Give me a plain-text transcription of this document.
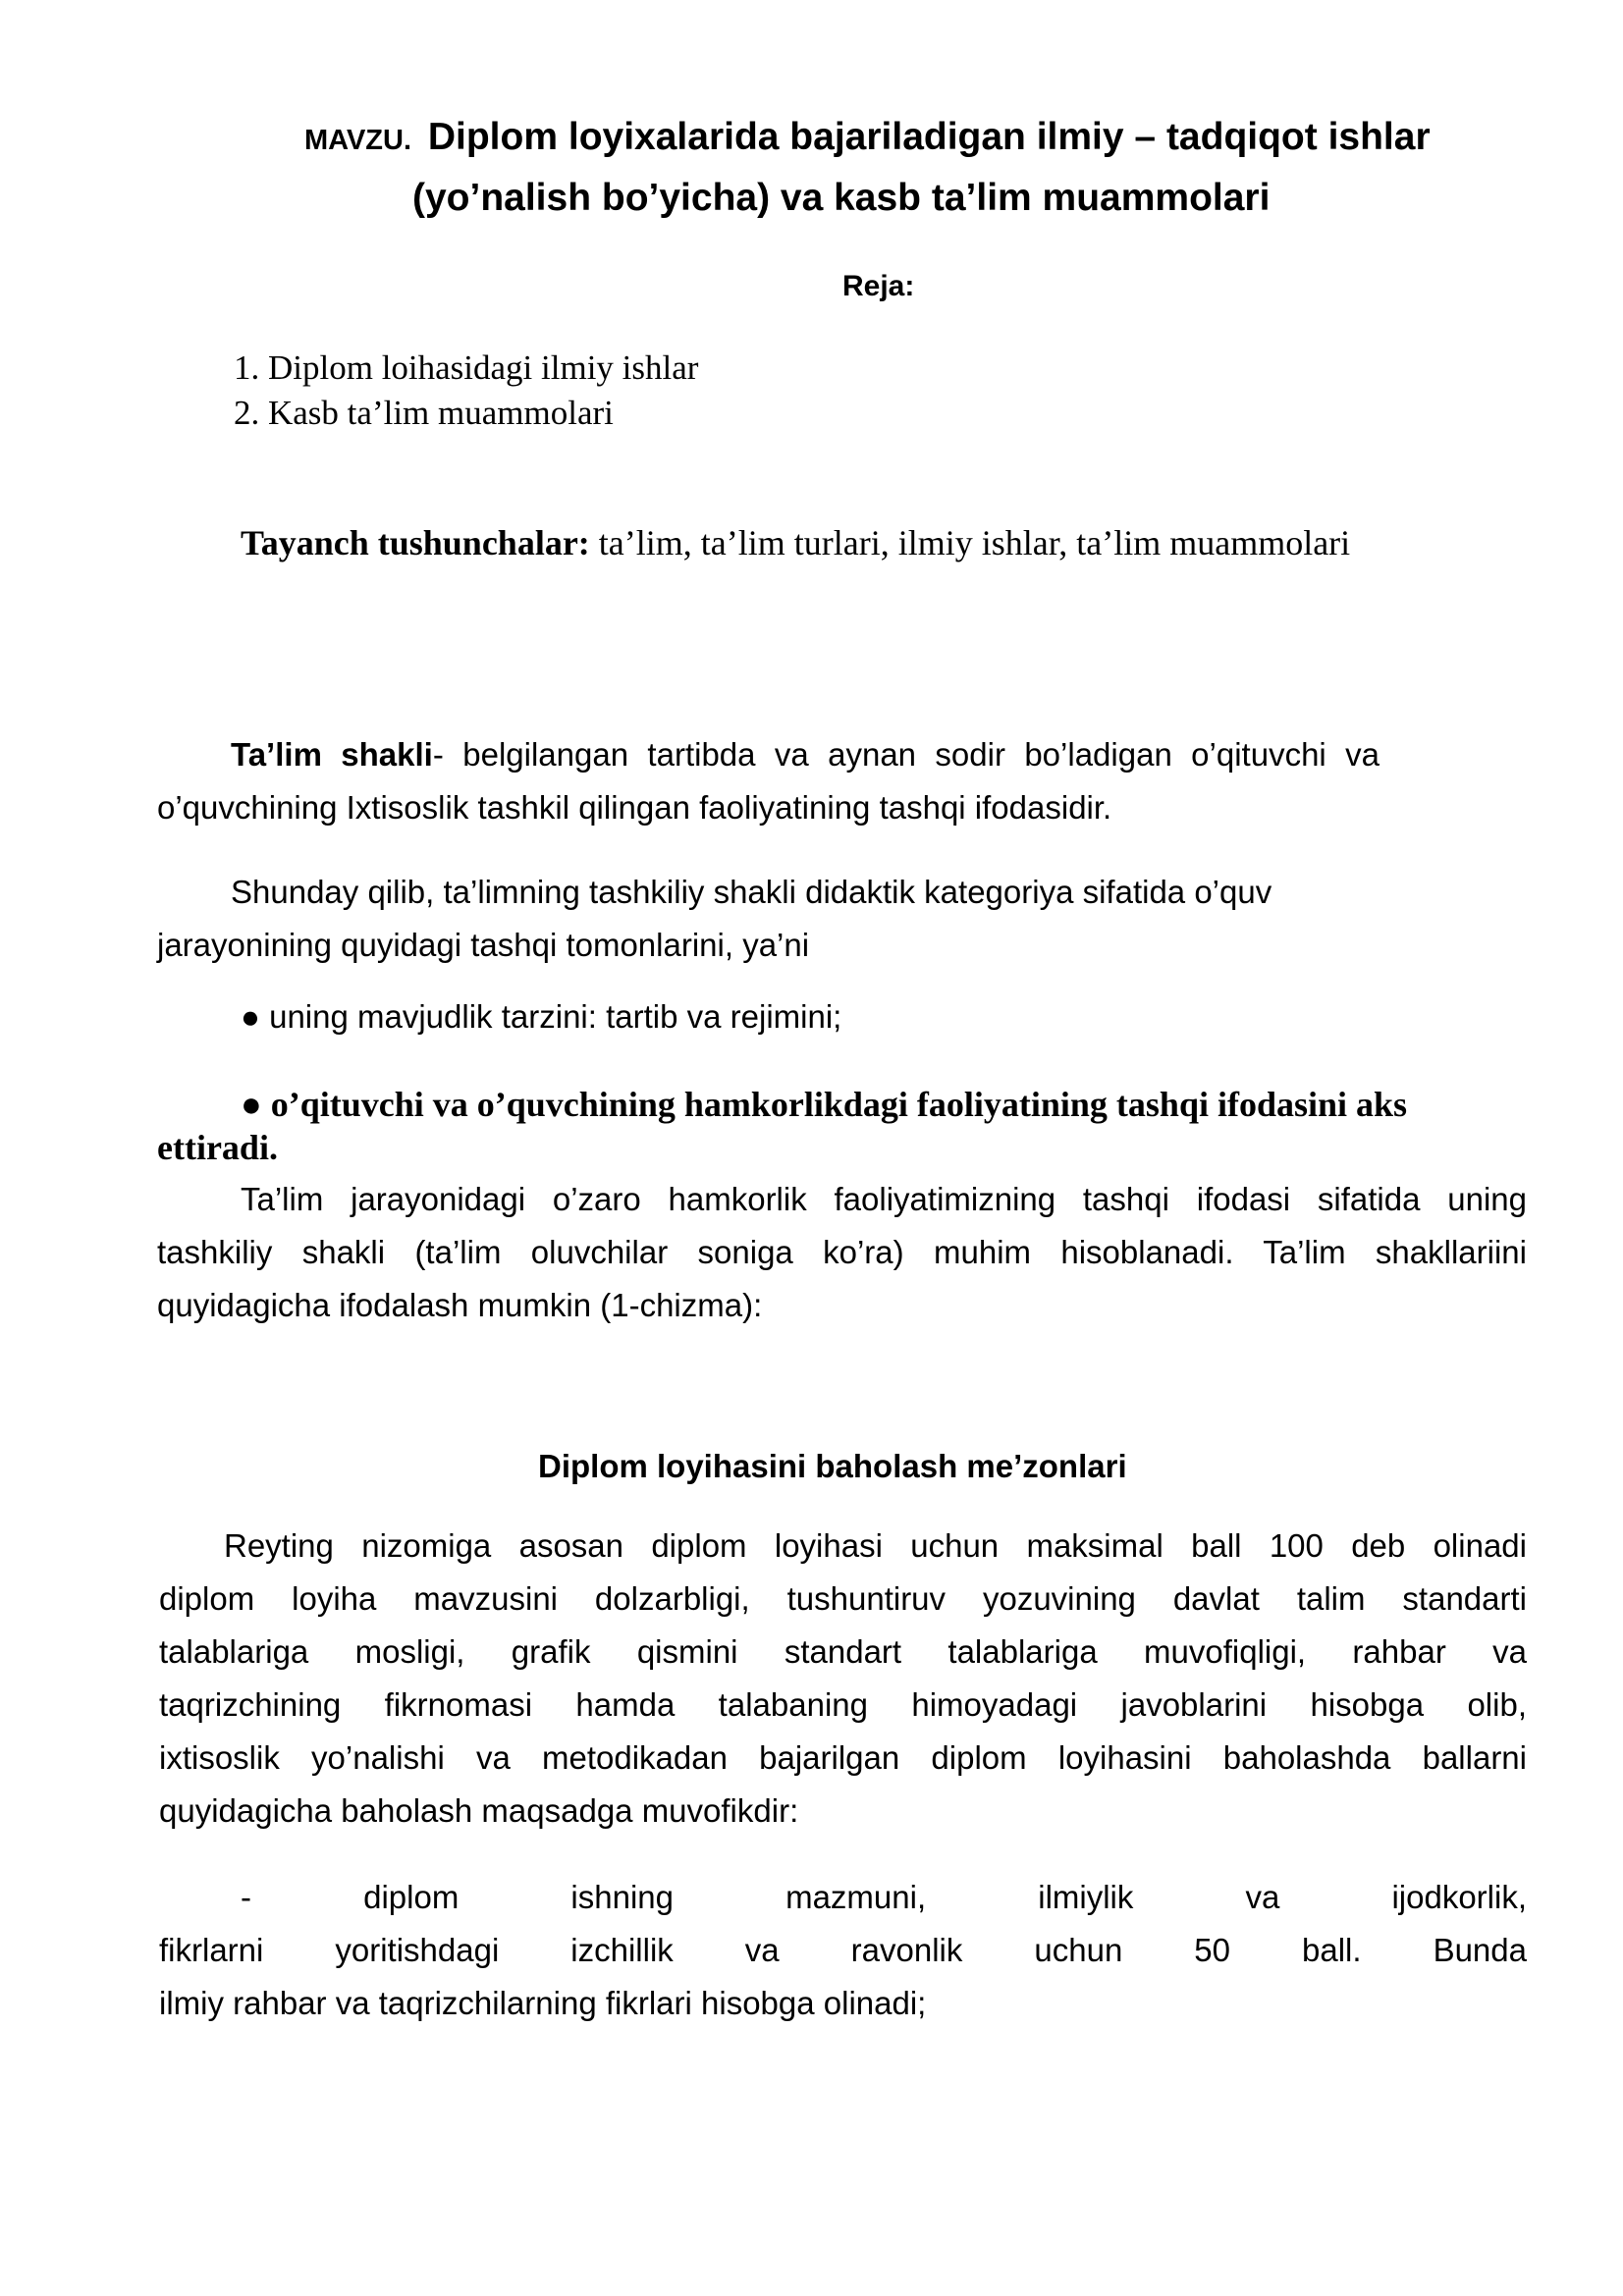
MAVZU. Diplom loyixalarida bajariladigan ilmiy – tadqiqot ishlar
(yo’nalish bo’yicha) va kasb ta’lim muammolari
Reja:
1. Diplom loihasidagi ilmiy ishlar
2. Kasb ta’lim muammolari
Tayanch tushunchalar: ta’lim, ta’lim turlari, ilmiy ishlar, ta’lim muammolari
Ta’lim shakli- belgilangan tartibda va aynan sodir bo’ladigan o’qituvchi va
o’quvchining Ixtisoslik tashkil qilingan faoliyatining tashqi ifodasidir.
Shunday qilib, ta’limning tashkiliy shakli didaktik kategoriya sifatida o’quv
jarayonining quyidagi tashqi tomonlarini, ya’ni
● uning mavjudlik tarzini: tartib va rejimini;
● o’qituvchi va o’quvchining hamkorlikdagi faoliyatining tashqi ifodasini aks
ettiradi.
Ta’lim jarayonidagi o’zaro hamkorlik faoliyatimizning tashqi ifodasi sifatida uning
tashkiliy shakli (ta’lim oluvchilar soniga ko’ra) muhim hisoblanadi. Ta’lim shakllariini
quyidagicha ifodalash mumkin (1-chizma):
Diplom loyihasini baholash me’zonlari
Reyting nizomiga asosan diplom loyihasi uchun maksimal ball 100 deb olinadi
diplom loyiha mavzusini dolzarbligi, tushuntiruv yozuvining davlat talim standarti
talablariga mosligi, grafik qismini standart talablariga muvofiqligi, rahbar va
taqrizchining fikrnomasi hamda talabaning himoyadagi javoblarini hisobga olib,
ixtisoslik yo’nalishi va metodikadan bajarilgan diplom loyihasini baholashda ballarni
quyidagicha baholash maqsadga muvofikdir:
- diplom ishning mazmuni, ilmiylik va ijodkorlik,
fikrlarni yoritishdagi izchillik va ravonlik uchun 50 ball. Bunda
ilmiy rahbar va taqrizchilarning fikrlari hisobga olinadi;
